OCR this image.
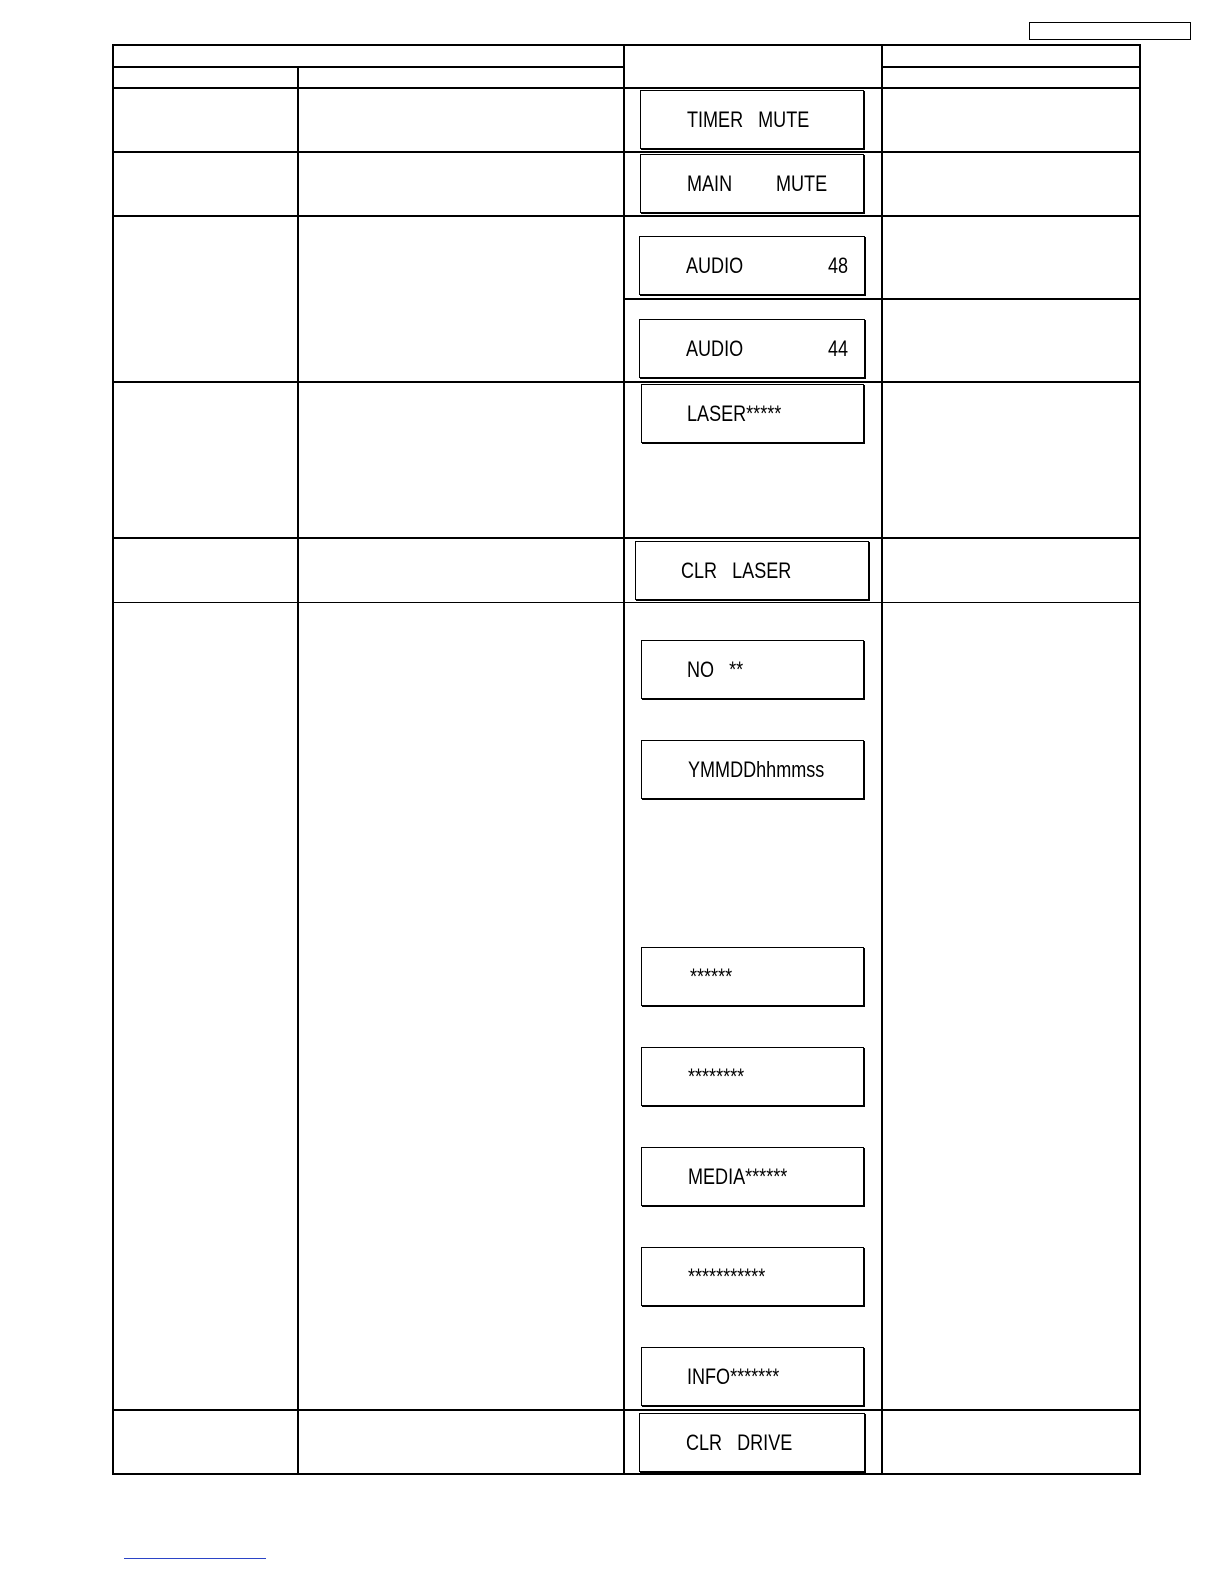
TIMER   MUTE
MAIN MUTE
AUDIO	48
AUDIO	44
LASER*****
CLR   LASER
NO   **
YMMDDhhmmss
******
********
MEDIA******
***********
INFO*******
CLR   DRIVE
